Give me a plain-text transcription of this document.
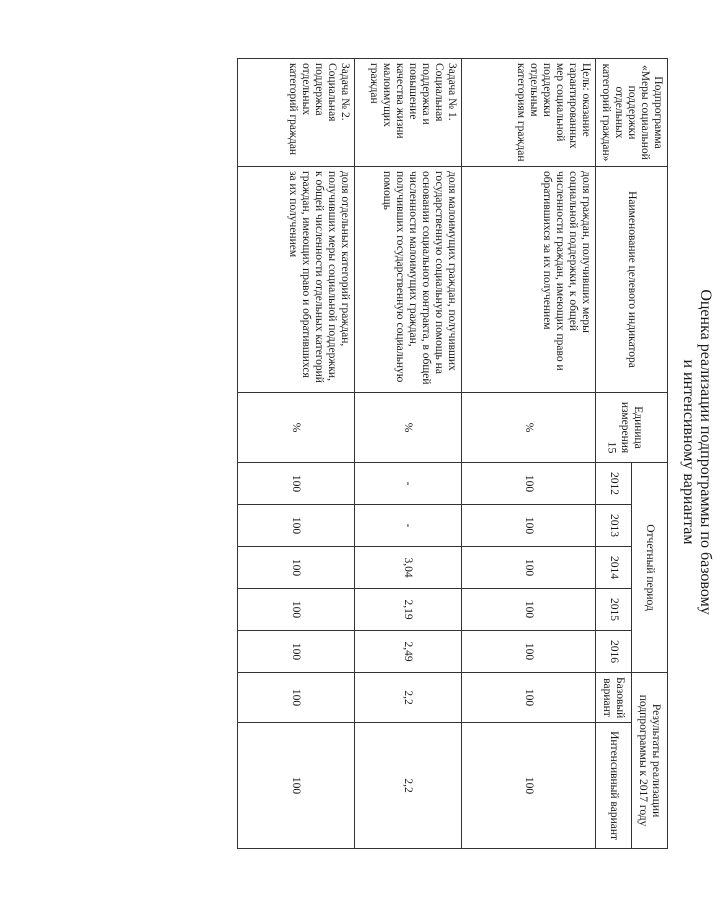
15	Оценка реализации подпрограммы по базовому
и интенсивному вариантам
Подпрограмма «Меры социальной поддержки отдельных категорий граждан»	Наименование целевого индикатора	Единица измерения	Отчетный период					Результаты реализации подпрограммы к 2017 году	
			2012	2013	2014	2015	2016	Базовый вариант	Интенсивный вариант
Цель: оказание гарантированных мер социальной поддержки отдельным категориям граждан	доля граждан, получивших меры социальной поддержки, к общей численности граждан, имеющих право и обратившихся за их получением	%	100	100	100	100	100	100	100
Задача № 1. Социальная поддержка и повышение качества жизни малоимущих граждан	доля малоимущих граждан, получивших государственную социальную помощь на основании социального контракта, в общей численности малоимущих граждан, получивших государственную социальную помощь	%	-	-	3,04	2,19	2,49	2,2	2,2
Задача № 2. Социальная поддержка отдельных категорий граждан	доля отдельных категорий граждан, получивших меры социальной поддержки, к общей численности отдельных категорий граждан, имеющих право и обратившихся за их получением	%	100	100	100	100	100	100	100
